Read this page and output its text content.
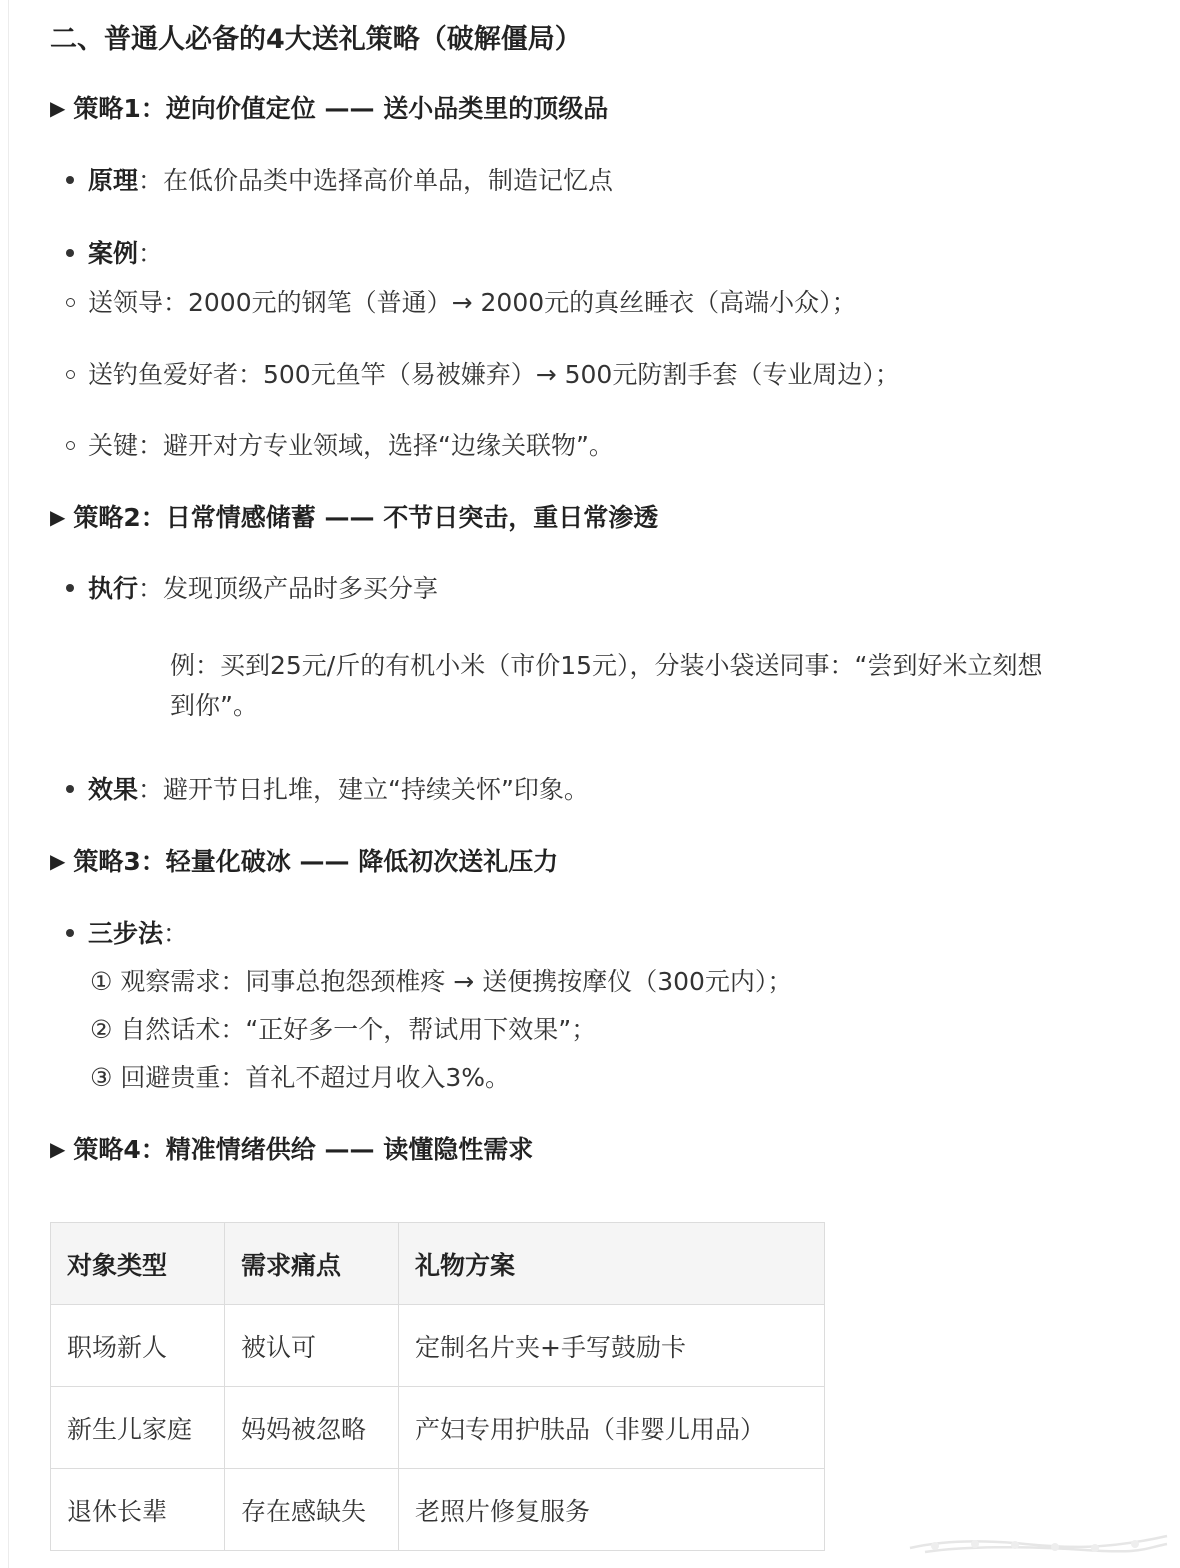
二、普通人必备的4大送礼策略（破解僵局）
▶ 策略1：逆向价值定位 —— 送小品类里的顶级品
原理：在低价品类中选择高价单品，制造记忆点
案例：
送领导：2000元的钢笔（普通）→ 2000元的真丝睡衣（高端小众）；
送钓鱼爱好者：500元鱼竿（易被嫌弃）→ 500元防割手套（专业周边）；
关键：避开对方专业领域，选择“边缘关联物”。
▶ 策略2：日常情感储蓄 —— 不节日突击，重日常渗透
执行：发现顶级产品时多买分享
例：买到25元/斤的有机小米（市价15元），分装小袋送同事：“尝到好米立刻想
到你”。
效果：避开节日扎堆，建立“持续关怀”印象。
▶ 策略3：轻量化破冰 —— 降低初次送礼压力
三步法：
① 观察需求：同事总抱怨颈椎疼 → 送便携按摩仪（300元内）；
② 自然话术：“正好多一个，帮试用下效果”；
③ 回避贵重：首礼不超过月收入3%。
▶ 策略4：精准情绪供给 —— 读懂隐性需求
对象类型	需求痛点	礼物方案
职场新人	被认可	定制名片夹+手写鼓励卡
新生儿家庭	妈妈被忽略	产妇专用护肤品（非婴儿用品）
退休长辈	存在感缺失	老照片修复服务
